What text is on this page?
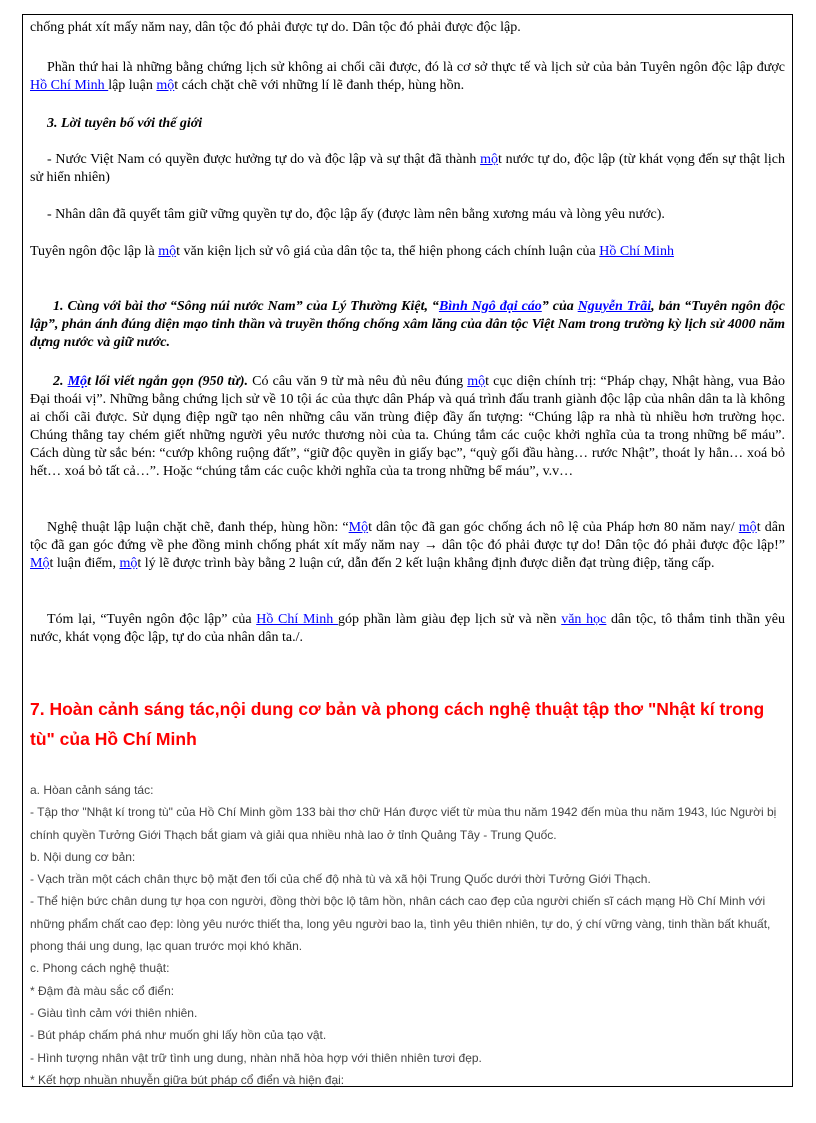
chống phát xít mấy năm nay, dân tộc đó phải được tự do. Dân tộc đó phải được độc lập.

Phần thứ hai là những bằng chứng lịch sử không ai chối cãi được, đó là cơ sở thực tế và lịch sử của bản Tuyên ngôn độc lập được Hồ Chí Minh lập luận một cách chặt chẽ với những lí lẽ đanh thép, hùng hồn.

3. Lời tuyên bố với thế giới

- Nước Việt Nam có quyền được hưởng tự do và độc lập và sự thật đã thành một nước tự do, độc lập (từ khát vọng đến sự thật lịch sử hiển nhiên)

- Nhân dân đã quyết tâm giữ vững quyền tự do, độc lập ấy (được làm nên bằng xương máu và lòng yêu nước).

Tuyên ngôn độc lập là một văn kiện lịch sử vô giá của dân tộc ta, thể hiện phong cách chính luận của Hồ Chí Minh

1. Cùng với bài thơ “Sông núi nước Nam” của Lý Thường Kiệt, “Bình Ngô đại cáo” của Nguyễn Trãi, bản “Tuyên ngôn độc lập”, phản ánh đúng diện mạo tinh thần và truyền thống chống xâm lăng của dân tộc Việt Nam trong trường kỳ lịch sử 4000 năm dựng nước và giữ nước.

2. Một lối viết ngắn gọn (950 từ). Có câu văn 9 từ mà nêu đủ nêu đúng một cục diện chính trị: “Pháp chạy, Nhật hàng, vua Bảo Đại thoái vị”. Những bằng chứng lịch sử về 10 tội ác của thực dân Pháp và quá trình đấu tranh giành độc lập của nhân dân ta là không ai chối cãi được. Sử dụng điệp ngữ tạo nên những câu văn trùng điệp đầy ấn tượng: “Chúng lập ra nhà tù nhiều hơn trường học. Chúng thẳng tay chém giết những người yêu nước thương nòi của ta. Chúng tắm các cuộc khởi nghĩa của ta trong những bể máu”. Cách dùng từ sắc bén: “cướp không ruộng đất”, “giữ độc quyền in giấy bạc”, “quỳ gối đầu hàng… rước Nhật”, thoát ly hẳn… xoá bỏ hết… xoá bỏ tất cả…”. Hoặc “chúng tắm các cuộc khởi nghĩa của ta trong những bể máu”, v.v…

Nghệ thuật lập luận chặt chẽ, đanh thép, hùng hồn: “Một dân tộc đã gan góc chống ách nô lệ của Pháp hơn 80 năm nay/ một dân tộc đã gan góc đứng về phe đồng minh chống phát xít mấy năm nay → dân tộc đó phải được tự do! Dân tộc đó phải được độc lập!” Một luận điểm, một lý lẽ được trình bày bằng 2 luận cứ, dẫn đến 2 kết luận khẳng định được diễn đạt trùng điệp, tăng cấp.

Tóm lại, “Tuyên ngôn độc lập” của Hồ Chí Minh góp phần làm giàu đẹp lịch sử và nền văn học dân tộc, tô thắm tinh thần yêu nước, khát vọng độc lập, tự do của nhân dân ta./.

7. Hoàn cảnh sáng tác,nội dung cơ bản và phong cách nghệ thuật tập thơ "Nhật kí trong tù" của Hồ Chí Minh
a. Hòan cảnh sáng tác:
- Tập thơ "Nhật kí trong tù" của Hồ Chí Minh gồm 133 bài thơ chữ Hán được viết từ mùa thu năm 1942 đến mùa thu năm 1943, lúc Người bị chính quyền Tưởng Giới Thạch bắt giam và giải qua nhiều nhà lao ở tỉnh Quảng Tây - Trung Quốc.
b. Nội dung cơ bản:
- Vạch trần một cách chân thực bộ mặt đen tối của chế độ nhà tù và xã hội Trung Quốc dưới thời Tưởng Giới Thạch.
- Thể hiện bức chân dung tự họa con người, đồng thời bộc lộ tâm hồn, nhân cách cao đẹp của người chiến sĩ cách mạng Hồ Chí Minh với những phẩm chất cao đẹp: lòng yêu nước thiết tha, long yêu người bao la, tình yêu thiên nhiên, tự do, ý chí vững vàng, tinh thần bất khuất, phong thái ung dung, lạc quan trước mọi khó khăn.
c. Phong cách nghệ thuật:
* Đậm đà màu sắc cổ điển:
- Giàu tình cảm với thiên nhiên.
- Bút pháp chấm phá như muốn ghi lấy hồn của tạo vật.
- Hình tượng nhân vật trữ tình ung dung, nhàn nhã hòa hợp với thiên nhiên tươi đẹp.
* Kết hợp nhuần nhuyễn giữa bút pháp cổ điển và hiện đại:
